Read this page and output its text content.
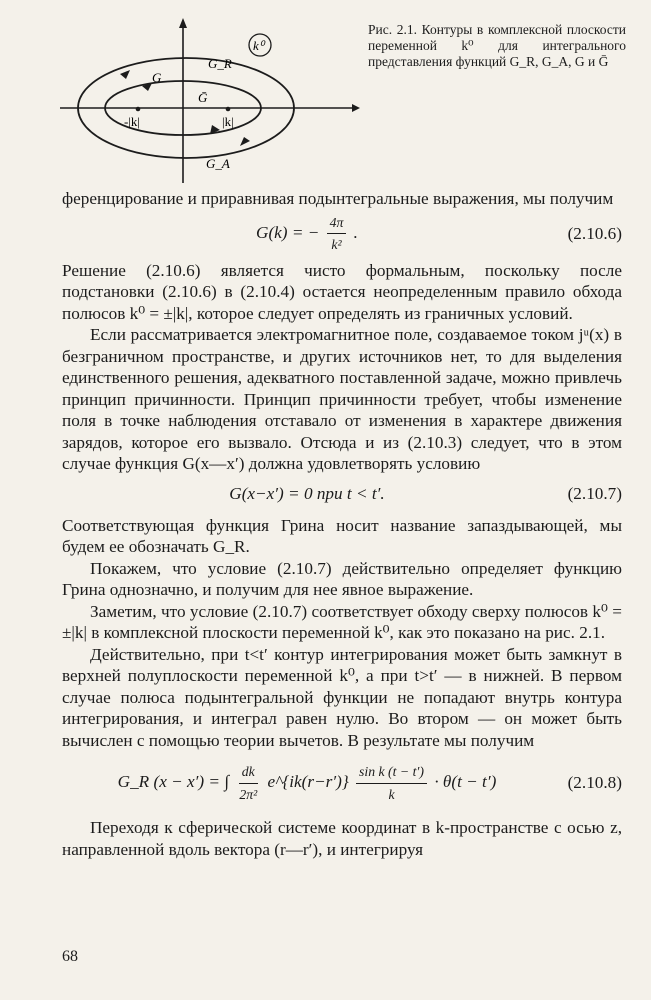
k⁰
G_R
G
Ḡ
G_A
-|k|	|k|
Рис. 2.1. Контуры в комплексной плоскости переменной k⁰ для интегрального представления функций G_R, G_A, G и Ḡ

ференцирование и приравнивая подынтегральные выражения, мы получим

G(k) = − $\frac{4\pi}{\text{k²}}$ .	(2.10.6)

Решение (2.10.6) является чисто формальным, поскольку после подстановки (2.10.6) в (2.10.4) остается неопределенным правило обхода полюсов k⁰ = ±|k|, которое следует определять из граничных условий.

Если рассматривается электромагнитное поле, создаваемое током jᵘ(x) в безграничном пространстве, и других источников нет, то для выделения единственного решения, адекватного поставленной задаче, можно привлечь принцип причинности. Принцип причинности требует, чтобы изменение поля в точке наблюдения отставало от изменения в характере движения зарядов, которое его вызвало. Отсюда и из (2.10.3) следует, что в этом случае функция G(x—x′) должна удовлетворять условию

G(x−x′) = 0 при t < t′.	(2.10.7)

Соответствующая функция Грина носит название запаздывающей, мы будем ее обозначать G_R.

Покажем, что условие (2.10.7) действительно определяет функцию Грина однозначно, и получим для нее явное выражение.

Заметим, что условие (2.10.7) соответствует обходу сверху полюсов k⁰ = ±|k| в комплексной плоскости переменной k⁰, как это показано на рис. 2.1.

Действительно, при t<t′ контур интегрирования может быть замкнут в верхней полуплоскости переменной k⁰, а при t>t′ — в нижней. В первом случае полюса подынтегральной функции не попадают внутрь контура интегрирования, и интеграл равен нулю. Во втором — он может быть вычислен с помощью теории вычетов. В результате мы получим

G_R (x − x′) = ∫ $\frac{dk}{\text{2π²}}$ e^{ik(r−r′)} $\frac{\text{sin k (t − t′)}}{k} \cdot \theta(t - t')$	(2.10.8)

Переходя к сферической системе координат в k-пространстве с осью z, направленной вдоль вектора (r—r′), и интегрируя

68
